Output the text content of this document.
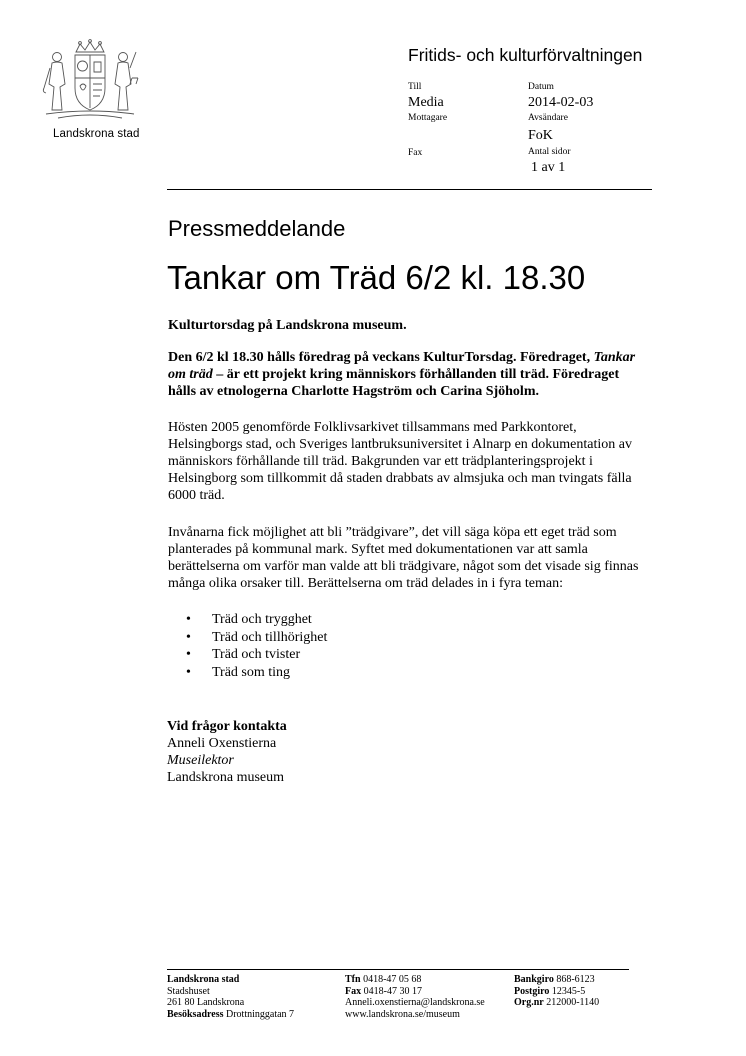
Landskrona stad
Fritids- och kulturförvaltningen
Till
Media
Mottagare
Fax
Datum
2014-02-03
Avsändare
FoK
Antal sidor
1 av 1
Pressmeddelande
Tankar om Träd 6/2 kl. 18.30
Kulturtorsdag på Landskrona museum.
Den 6/2 kl 18.30 hålls föredrag på veckans KulturTorsdag. Föredraget, Tankar om träd – är ett projekt kring människors förhållanden till träd. Föredraget hålls av etnologerna Charlotte Hagström och Carina Sjöholm.
Hösten 2005 genomförde Folklivsarkivet tillsammans med Parkkontoret, Helsingborgs stad, och Sveriges lantbruksuniversitet i Alnarp en dokumentation av människors förhållande till träd. Bakgrunden var ett trädplanteringsprojekt i Helsingborg som tillkommit då staden drabbats av almsjuka och man tvingats fälla 6000 träd.
Invånarna fick möjlighet att bli ”trädgivare”, det vill säga köpa ett eget träd som planterades på kommunal mark. Syftet med dokumentationen var att samla berättelserna om varför man valde att bli trädgivare, något som det visade sig finnas många olika orsaker till. Berättelserna om träd delades in i fyra teman:
• Träd och trygghet
• Träd och tillhörighet
• Träd och tvister
• Träd som ting
Vid frågor kontakta
Anneli Oxenstierna
Museilektor
Landskrona museum
Landskrona stad
Stadshuset
261 80 Landskrona
Besöksadress Drottninggatan 7
Tfn 0418-47 05 68
Fax 0418-47 30 17
Anneli.oxenstierna@landskrona.se
www.landskrona.se/museum
Bankgiro 868-6123
Postgiro 12345-5
Org.nr 212000-1140
